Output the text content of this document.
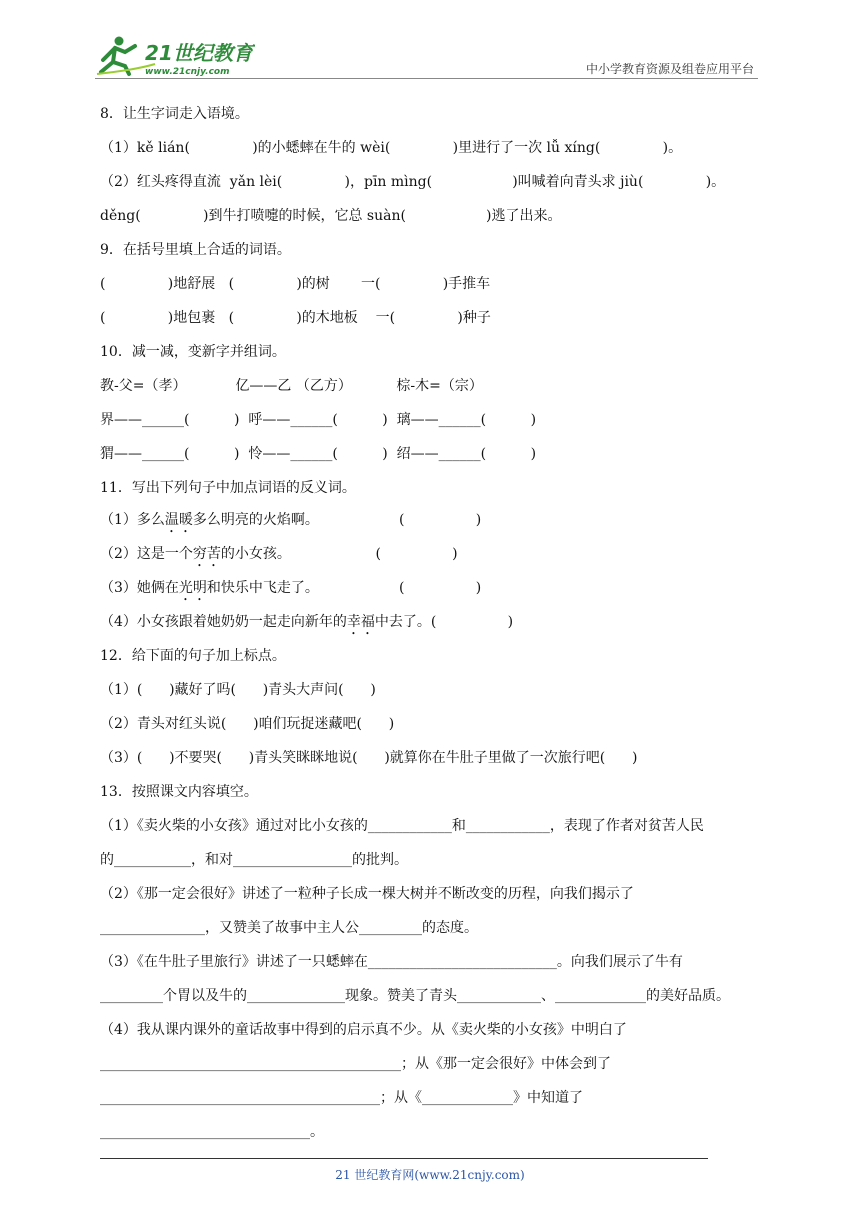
21世纪教育
www.21cnjy.com	中小学教育资源及组卷应用平台
8．让生字词走入语境。
（1）kě lián(              )的小蟋蟀在牛的 wèi(              )里进行了一次 lǚ xíng(              )。
（2）红头疼得直流  yǎn lèi(              )，pīn mìng(                  )叫喊着向青头求 jiù(              )。
děng(              )到牛打喷嚏的时候，它总 suàn(                  )逃了出来。
9．在括号里填上合适的词语。
(              )地舒展   (              )的树       一(              )手推车
(              )地包裹   (              )的木地板    一(              )种子
10．减一减，变新字并组词。
教-父=（孝）           亿——乙 （乙方）          棕-木=（宗）
界——______(          )  呼——______(          )  璃——______(          )
猬——______(          )  怜——______(          )  绍——______(          )
11．写出下列句子中加点词语的反义词。
（1）多么温暖多么明亮的火焰啊。                  (                )
（2）这是一个穷苦的小女孩。                   (                )
（3）她俩在光明和快乐中飞走了。                  (                )
（4）小女孩跟着她奶奶一起走向新年的幸福中去了。(                )
12．给下面的句子加上标点。
（1）(      )藏好了吗(      )青头大声问(      )
（2）青头对红头说(      )咱们玩捉迷藏吧(      )
（3）(      )不要哭(      )青头笑眯眯地说(      )就算你在牛肚子里做了一次旅行吧(      )
13．按照课文内容填空。
（1）《卖火柴的小女孩》通过对比小女孩的____________和____________，表现了作者对贫苦人民
的___________，和对_________________的批判。
（2）《那一定会很好》讲述了一粒种子长成一棵大树并不断改变的历程，向我们揭示了
_______________，又赞美了故事中主人公_________的态度。
（3）《在牛肚子里旅行》讲述了一只蟋蟀在___________________________。向我们展示了牛有
_________个胃以及牛的______________现象。赞美了青头____________、_____________的美好品质。
（4）我从课内课外的童话故事中得到的启示真不少。从《卖火柴的小女孩》中明白了
___________________________________________；从《那一定会很好》中体会到了
________________________________________；从《_____________》中知道了
______________________________。
21 世纪教育网(www.21cnjy.com)
